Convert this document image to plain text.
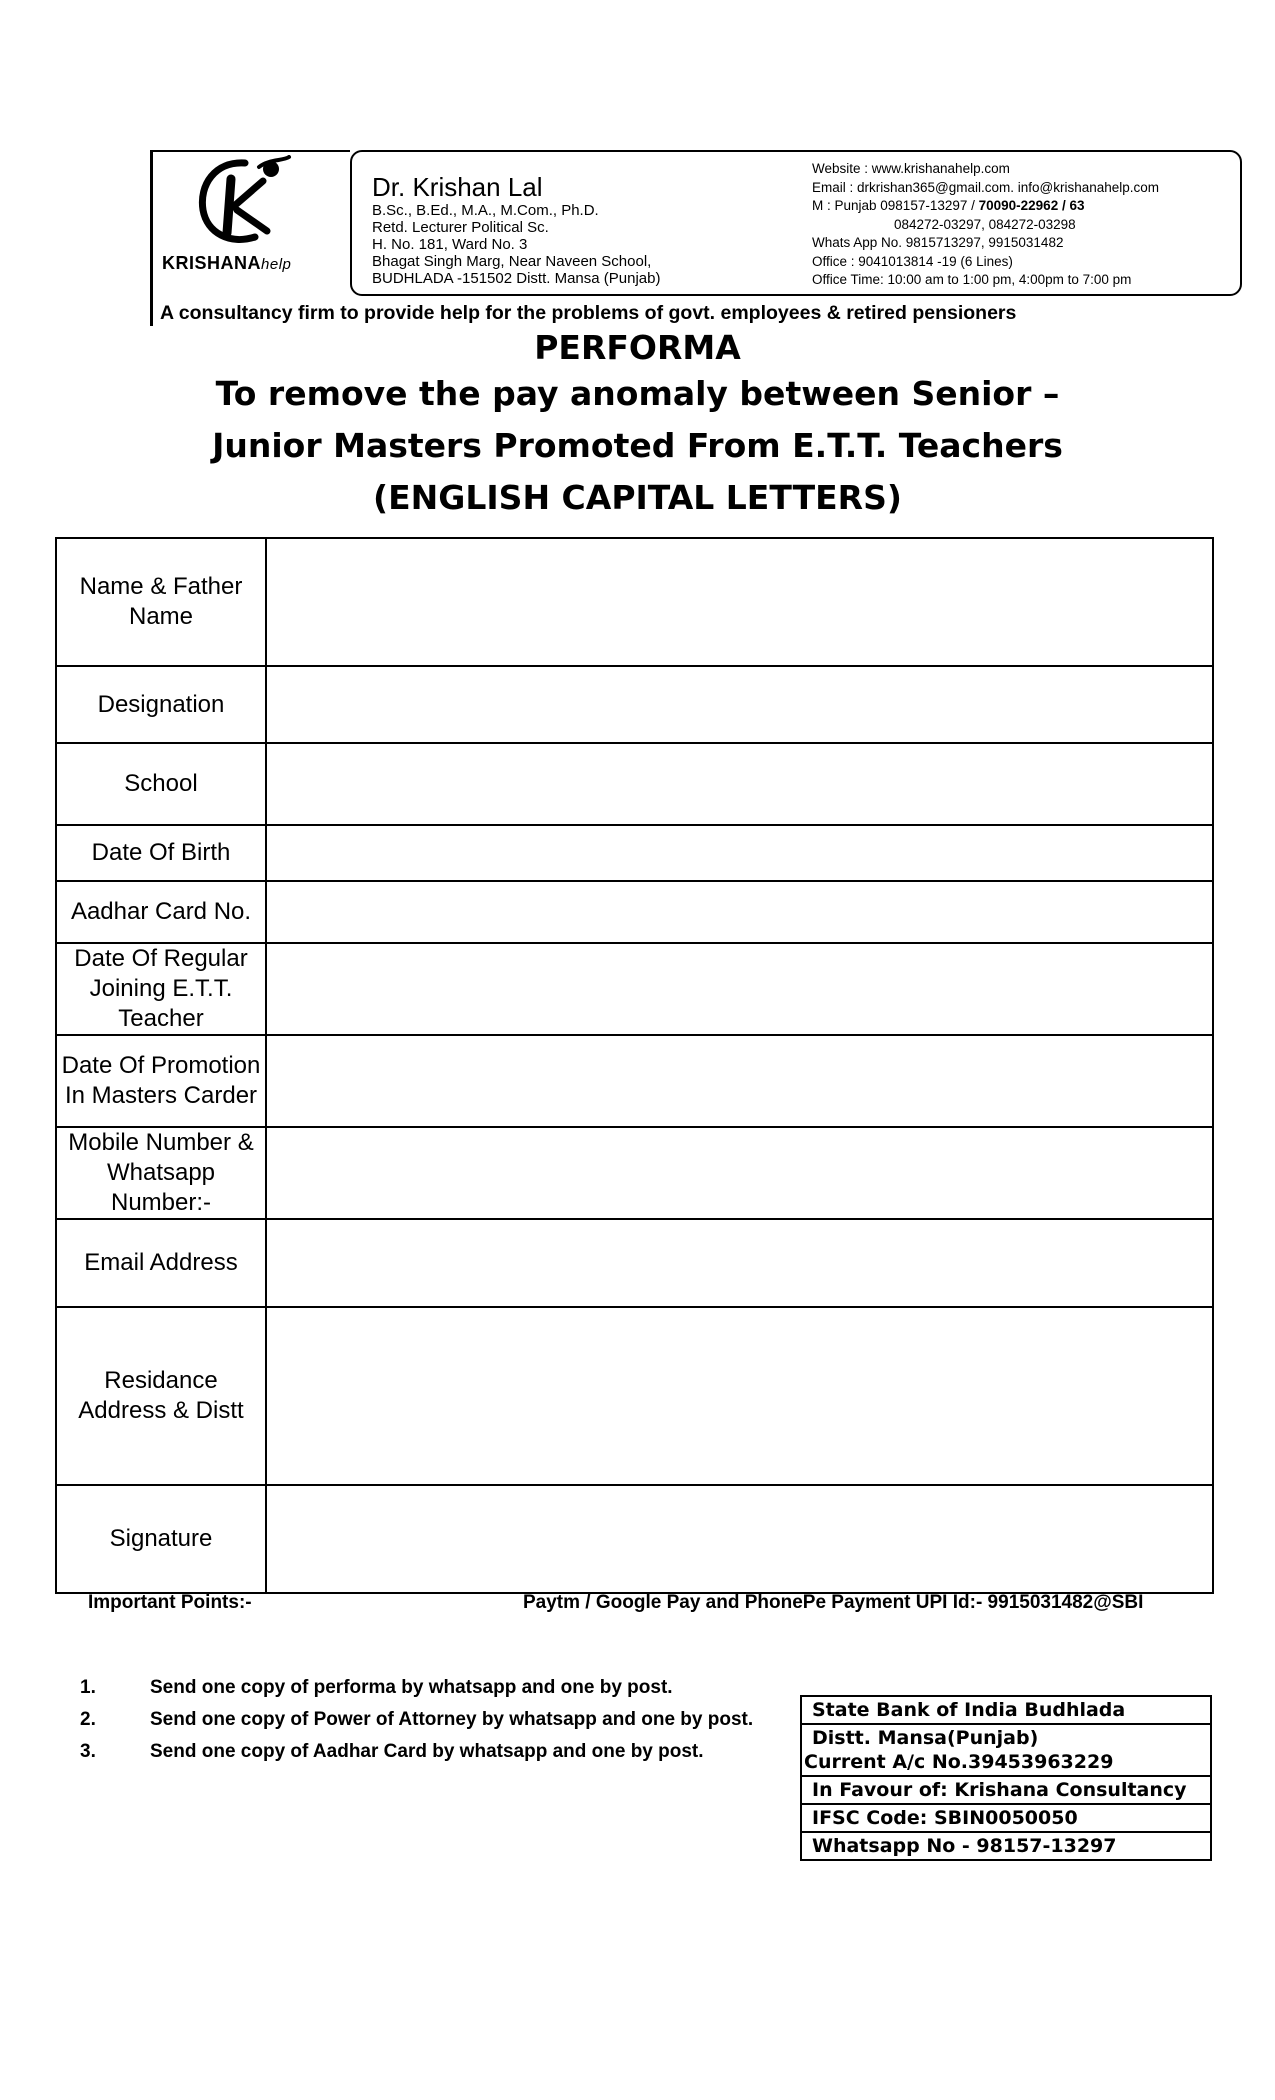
KRISHANAhelp
Dr. Krishan Lal
B.Sc., B.Ed., M.A., M.Com., Ph.D.
Retd. Lecturer Political Sc.
H. No. 181, Ward No. 3
Bhagat Singh Marg, Near Naveen School,
BUDHLADA -151502 Distt. Mansa (Punjab)
Website : www.krishanahelp.com
Email : drkrishan365@gmail.com. info@krishanahelp.com
M : Punjab 098157-13297 / 70090-22962 / 63
084272-03297, 084272-03298
Whats App No. 9815713297, 9915031482
Office : 9041013814 -19 (6 Lines)
Office Time: 10:00 am to 1:00 pm, 4:00pm to 7:00 pm
A consultancy firm to provide help for the problems of govt. employees & retired pensioners
PERFORMA
To remove the pay anomaly between Senior –
Junior Masters Promoted From E.T.T. Teachers
(ENGLISH CAPITAL LETTERS)
Name & Father Name	
Designation	
School	
Date Of Birth	
Aadhar Card No.	
Date Of Regular Joining E.T.T. Teacher	
Date Of Promotion In Masters Carder	
Mobile Number & Whatsapp Number:-	
Email Address	
Residance Address & Distt	
Signature	
Important Points:-	Paytm / Google Pay and PhonePe Payment UPI Id:- 9915031482@SBI
1.	Send one copy of performa by whatsapp and one by post.
2.	Send one copy of Power of Attorney by whatsapp and one by post.
3.	Send one copy of Aadhar Card by whatsapp and one by post.
State Bank of India Budhlada

Distt. Mansa(Punjab)
Current A/c No.39453963229

In Favour of: Krishana Consultancy
IFSC Code: SBIN0050050
Whatsapp No - 98157-13297
